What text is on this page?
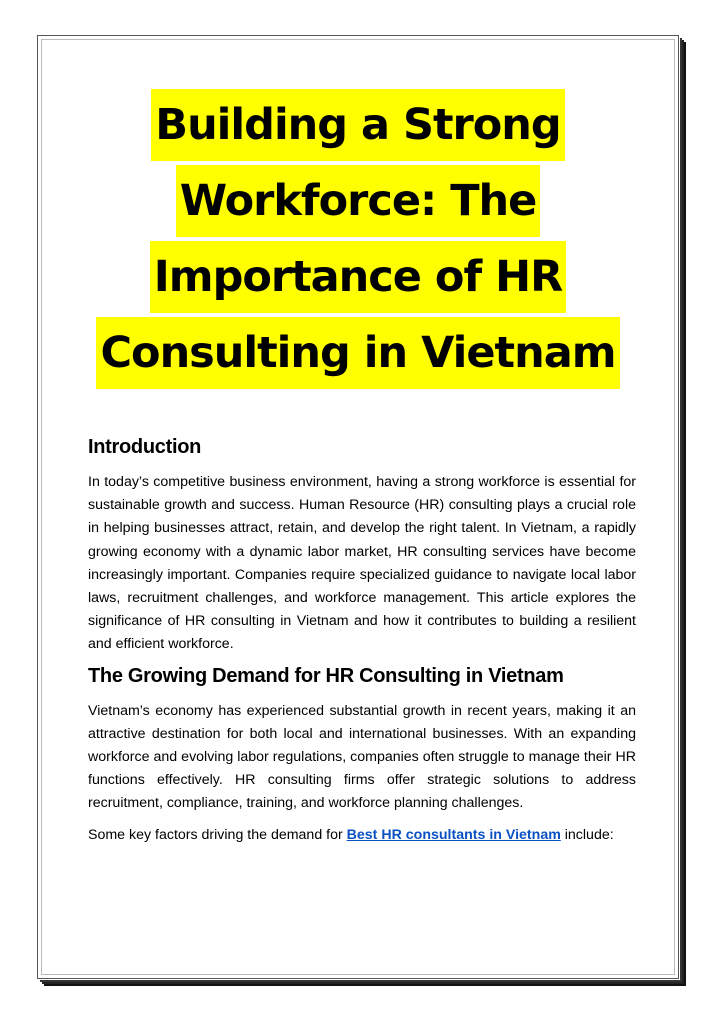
Building a Strong
Workforce: The
Importance of HR
Consulting in Vietnam
Introduction

In today’s competitive business environment, having a strong workforce is essential for sustainable growth and success. Human Resource (HR) consulting plays a crucial role in helping businesses attract, retain, and develop the right talent. In Vietnam, a rapidly growing economy with a dynamic labor market, HR consulting services have become increasingly important. Companies require specialized guidance to navigate local labor laws, recruitment challenges, and workforce management. This article explores the significance of HR consulting in Vietnam and how it contributes to building a resilient and efficient workforce.

The Growing Demand for HR Consulting in Vietnam

Vietnam’s economy has experienced substantial growth in recent years, making it an attractive destination for both local and international businesses. With an expanding workforce and evolving labor regulations, companies often struggle to manage their HR functions effectively. HR consulting firms offer strategic solutions to address recruitment, compliance, training, and workforce planning challenges.

Some key factors driving the demand for Best HR consultants in Vietnam include:
